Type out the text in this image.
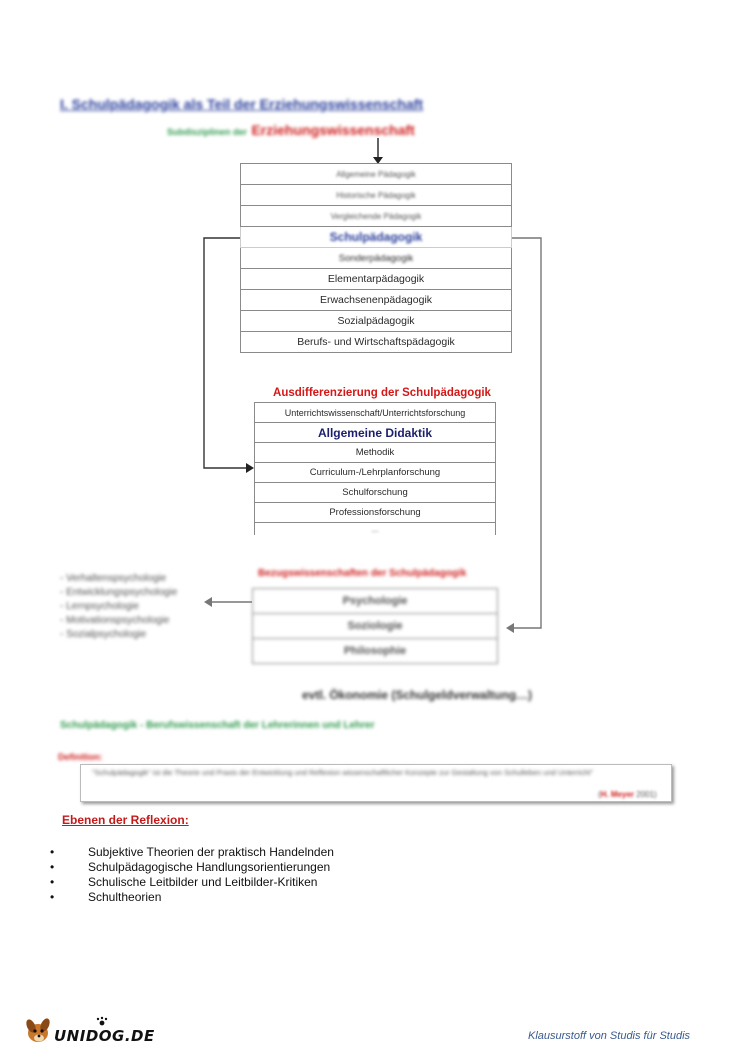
I. Schulpädagogik als Teil der Erziehungswissenschaft
Subdisziplinen der Erziehungswissenschaft
Allgemeine Pädagogik
Historische Pädagogik
Vergleichende Pädagogik
Schulpädagogik
Sonderpädagogik
Elementarpädagogik
Erwachsenenpädagogik
Sozialpädagogik
Berufs- und Wirtschaftspädagogik
Ausdifferenzierung der Schulpädagogik
Unterrichtswissenschaft/Unterrichtsforschung
Allgemeine Didaktik
Methodik
Curriculum-/Lehrplanforschung
Schulforschung
Professionsforschung
...
Bezugswissenschaften der Schulpädagogik
Psychologie
Soziologie
Philosophie
- Verhaltenspsychologie
- Entwicklungspsychologie
- Lernpsychologie
- Motivationspsychologie
- Sozialpsychologie
evtl. Ökonomie (Schulgeldverwaltung…)
Schulpädagogik - Berufswissenschaft der Lehrerinnen und Lehrer
Definition:
"Schulpädagogik" ist die Theorie und Praxis der Entwicklung und Reflexion wissenschaftlicher Konzepte zur Gestaltung von Schulleben und Unterricht"
(H. Meyer 2001)
Ebenen der Reflexion:
•	Subjektive Theorien der praktisch Handelnden
•	Schulpädagogische Handlungsorientierungen
•	Schulische Leitbilder und Leitbilder-Kritiken
•	Schultheorien
UNIDOG.DE	Klausurstoff von Studis für Studis
